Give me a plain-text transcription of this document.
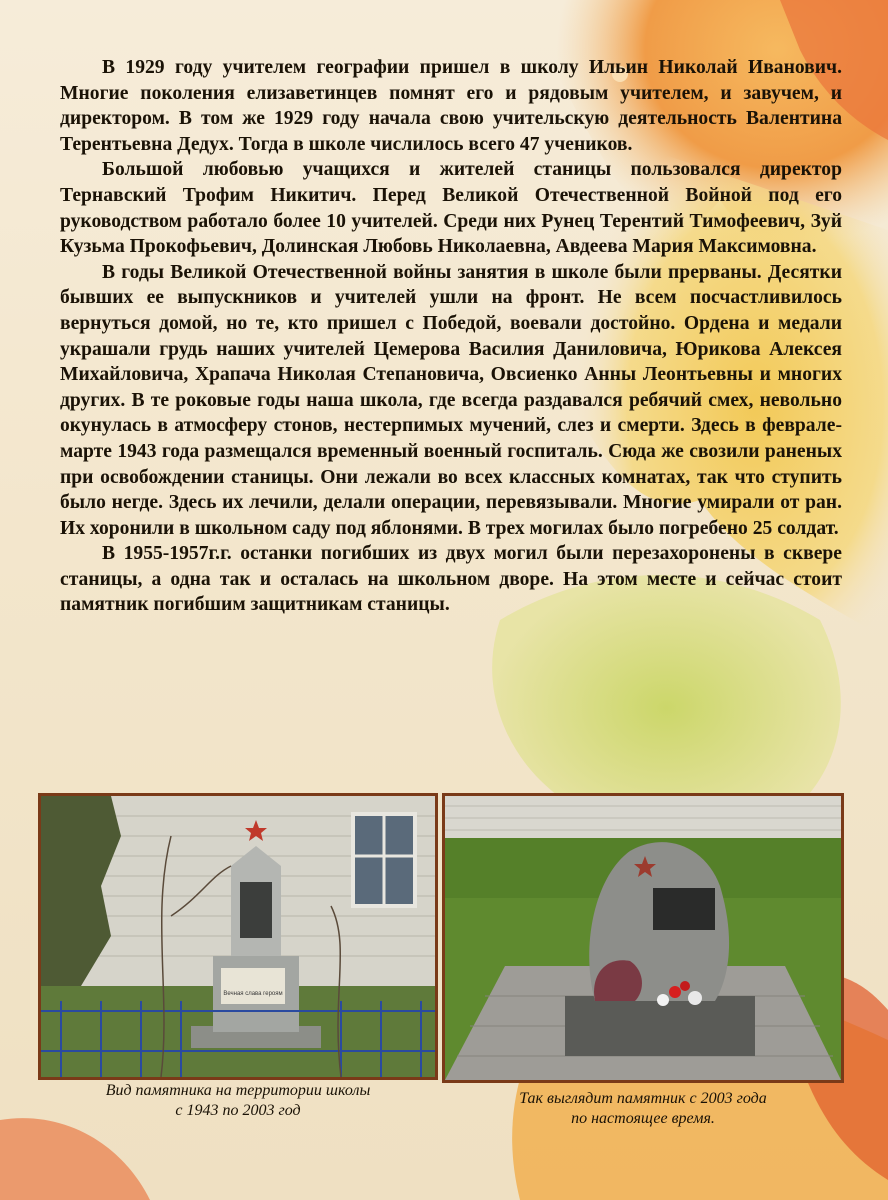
В 1929 году учителем географии пришел в школу Ильин Николай Иванович. Многие поколения елизаветинцев помнят его и рядовым учителем, и завучем, и директором. В том же 1929 году начала свою учительскую деятельность Валентина Терентьевна Дедух. Тогда в школе числилось всего 47 учеников.

Большой любовью учащихся и жителей станицы пользовался директор Тернавский Трофим Никитич. Перед Великой Отечественной Войной под его руководством работало более 10 учителей. Среди них Рунец Терентий Тимофеевич, Зуй Кузьма Прокофьевич, Долинская Любовь Николаевна, Авдеева Мария Максимовна.

В годы Великой Отечественной войны занятия в школе были прерваны. Десятки бывших ее выпускников и учителей ушли на фронт. Не всем посчастливилось вернуться домой, но те, кто пришел с Победой, воевали достойно. Ордена и медали украшали грудь наших учителей Цемерова Василия Даниловича, Юрикова Алексея Михайловича, Храпача Николая Степановича, Овсиенко Анны Леонтьевны и многих других. В те роковые годы наша школа, где всегда раздавался ребячий смех, невольно окунулась в атмосферу стонов, нестерпимых мучений, слез и смерти. Здесь в феврале-марте 1943 года размещался временный военный госпиталь. Сюда же свозили раненых при освобождении станицы. Они лежали во всех классных комнатах, так что ступить было негде. Здесь их лечили, делали операции, перевязывали. Многие умирали от ран. Их хоронили в школьном саду под яблонями. В трех могилах было погребено 25 солдат.

В 1955-1957г.г. останки погибших из двух могил были перезахоронены в сквере станицы, а одна так и осталась на школьном дворе. На этом месте и сейчас стоит памятник погибшим защитникам станицы.

Вечная слава героям
Вид памятника на территории школы
с 1943 по 2003 год
Так выглядит памятник с 2003 года
по настоящее время.
